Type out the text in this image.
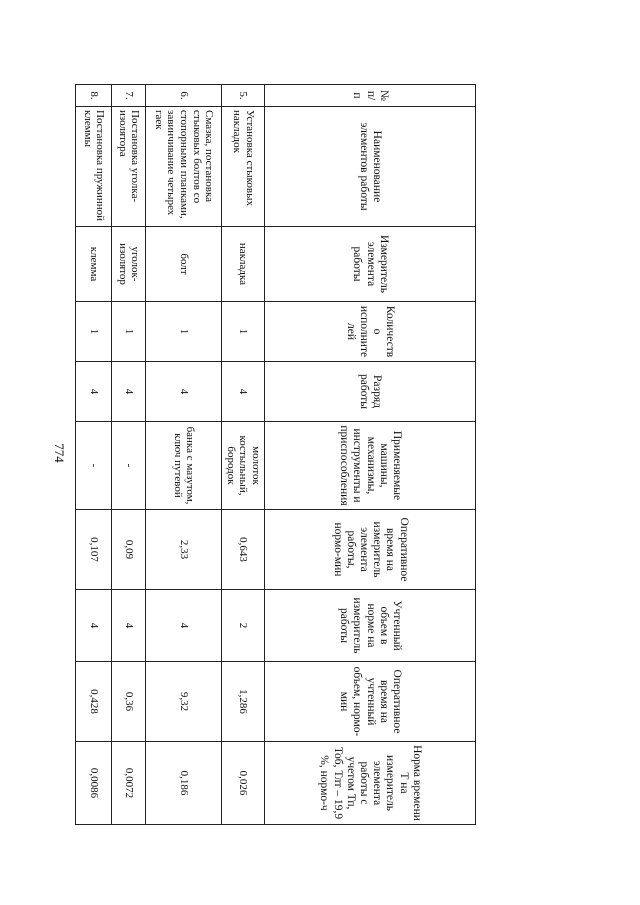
774
№ п/п	Наименование элементов работы	Измеритель элемента работы	Количество исполнителей	Разряд работы	Применяемые машины, механизмы, инструменты и приспособления	Оперативное время на измеритель элемента работы, нормо-мин	Учтенный объем в норме на измеритель работы	Оперативное время на учтенный объем, нормо-мин	Норма времени Т на измеритель элемента работы с учетом Тп, Тоб, Тлт – 19,9 %, нормо-ч
5.	Установка стыковых накладок	накладка	1	4	молоток костыльный, бородок	0,643	2	1,286	0,026
6.	Смазка, постановка стыковых болтов со стопорными планками, завинчивание четырех гаек	болт	1	4	банка с мазутом, ключ путевой	2,33	4	9,32	0,186
7.	Постановка уголка-изолятора	уголок-изолятор	1	4	-	0,09	4	0,36	0,0072
8.	Постановка пружинной клеммы	клемма	1	4	-	0,107	4	0,428	0,0086
